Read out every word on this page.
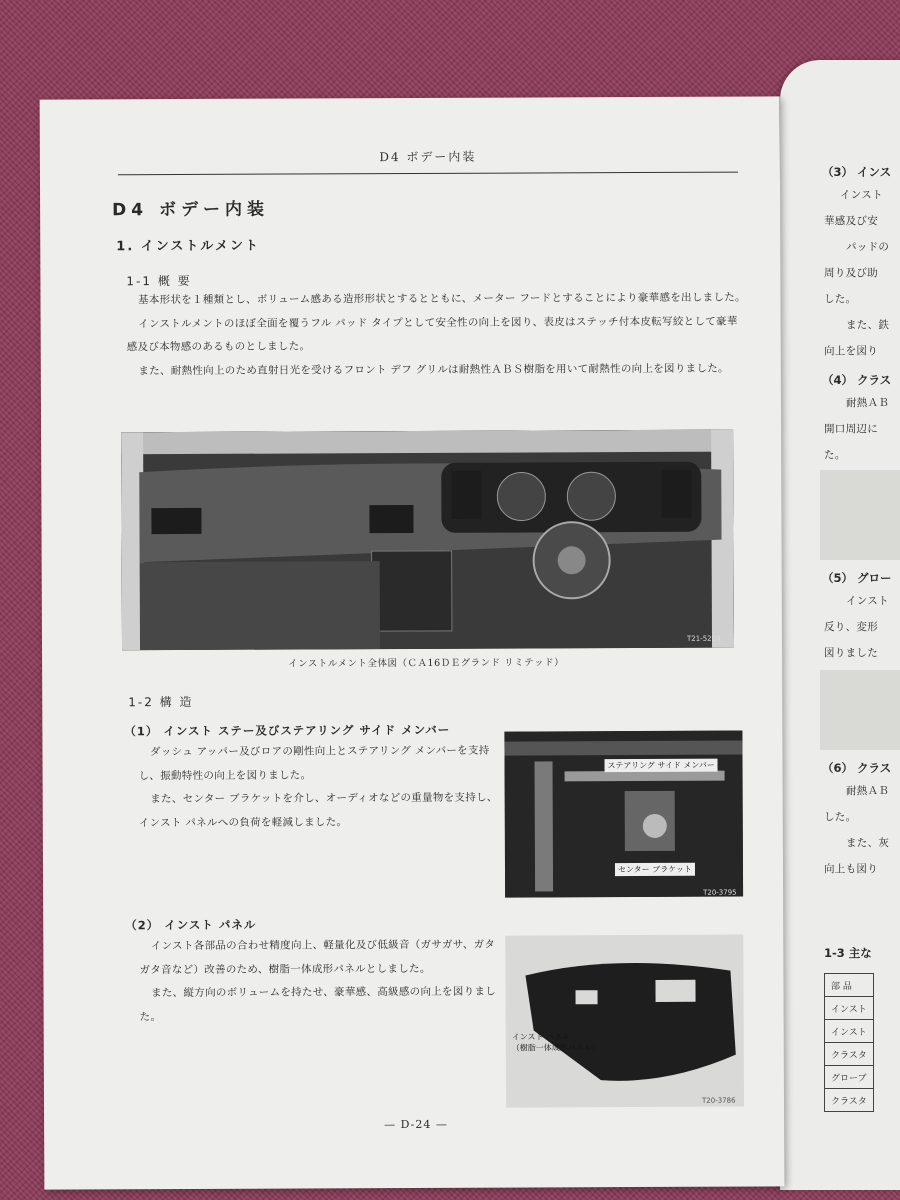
（3） インス
インスト
華感及び安
パッドの
周り及び助
した。
また、鉄
向上を図り
（4） クラス
耐熱ＡＢ
開口周辺に
た。
（5） グロー
インスト
反り、変形
図りました
（6） クラス
耐熱ＡＢ
した。
また、灰
向上も図り
1-3 主な
部 品
インスト
インスト
クラスタ
グローブ
クラスタ
D4 ボデー内装
D4 ボデー内装
1. インストルメント
1-1 概 要

基本形状を１種類とし、ボリューム感ある造形形状とするとともに、メーター フードとすることにより豪華感を出しました。

インストルメントのほぼ全面を覆うフル パッド タイプとして安全性の向上を図り、表皮はステッチ付本皮転写絞として豪華感及び本物感のあるものとしました。

また、耐熱性向上のため直射日光を受けるフロント デフ グリルは耐熱性ＡＢＳ樹脂を用いて耐熱性の向上を図りました。

T21-5204
インストルメント全体図（ＣＡ16ＤＥグランド リミテッド）
1-2 構 造
（1） インスト ステー及びステアリング サイド メンバー

ダッシュ アッパー及びロアの剛性向上とステアリング メンバーを支持し、振動特性の向上を図りました。

また、センター ブラケットを介し、オーディオなどの重量物を支持し、インスト パネルへの負荷を軽減しました。

ステアリング サイド メンバー
センター ブラケット
T20-3795
（2） インスト パネル

インスト各部品の合わせ精度向上、軽量化及び低級音（ガサガサ、ガタガタ音など）改善のため、樹脂一体成形パネルとしました。

また、縦方向のボリュームを持たせ、豪華感、高級感の向上を図りました。

インスト パネル
（樹脂一体成形パネル）
T20-3786
— D-24 —
